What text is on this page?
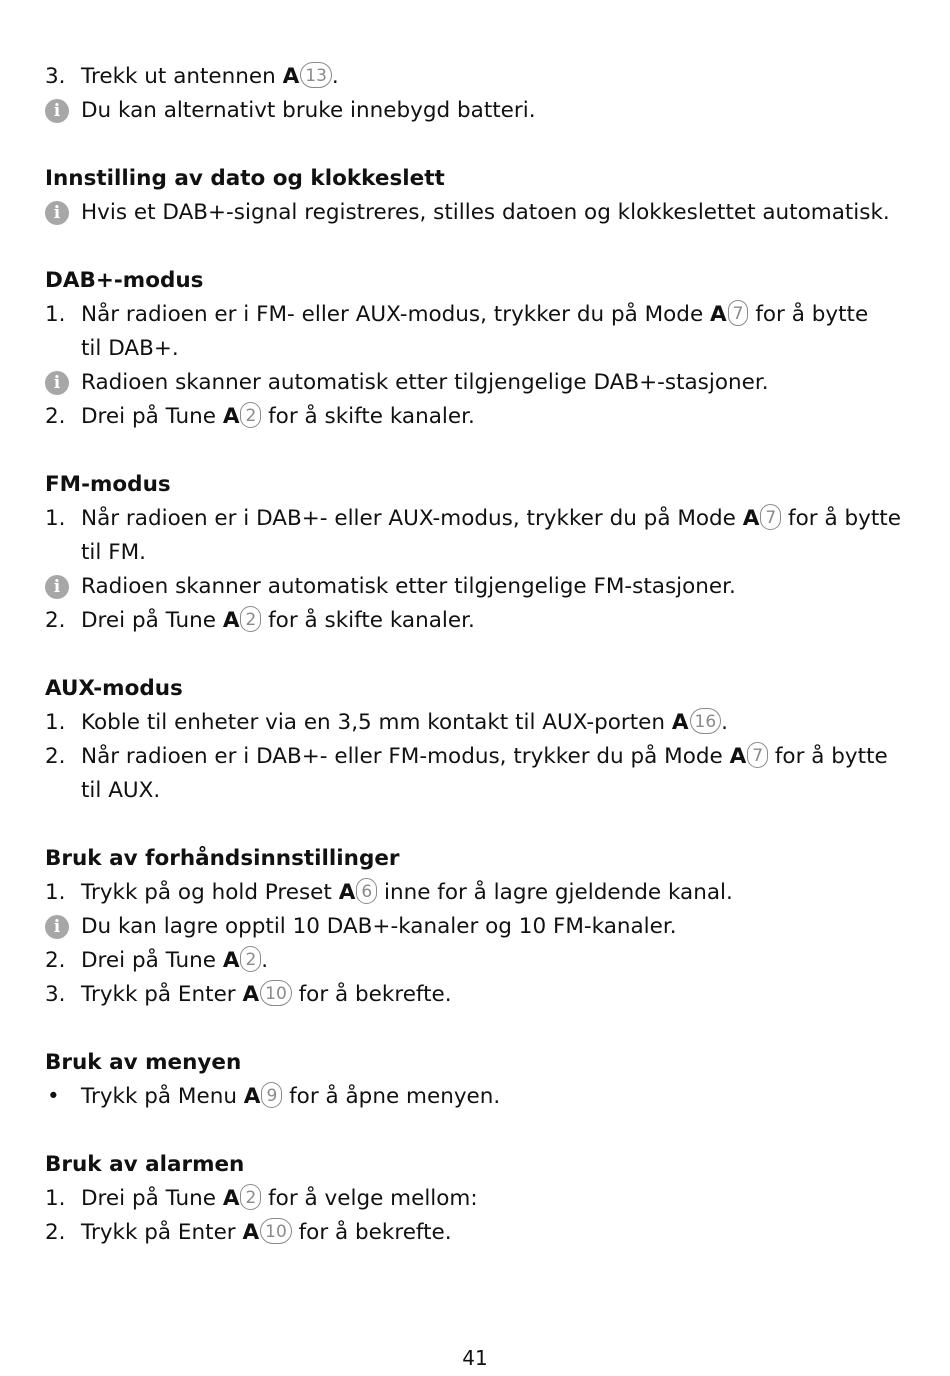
3. Trekk ut antennen A 13 .
i Du kan alternativt bruke innebygd batteri.
Innstilling av dato og klokkeslett
i Hvis et DAB+-signal registreres, stilles datoen og klokkeslettet automatisk.
DAB+-modus
1. Når radioen er i FM- eller AUX-modus, trykker du på Mode A 7 for å bytte
til DAB+.
i Radioen skanner automatisk etter tilgjengelige DAB+-stasjoner.
2. Drei på Tune A 2 for å skifte kanaler.
FM-modus
1. Når radioen er i DAB+- eller AUX-modus, trykker du på Mode A 7 for å bytte
til FM.
i Radioen skanner automatisk etter tilgjengelige FM-stasjoner.
2. Drei på Tune A 2 for å skifte kanaler.
AUX-modus
1. Koble til enheter via en 3,5 mm kontakt til AUX-porten A 16 .
2. Når radioen er i DAB+- eller FM-modus, trykker du på Mode A 7 for å bytte
til AUX.
Bruk av forhåndsinnstillinger
1. Trykk på og hold Preset A 6 inne for å lagre gjeldende kanal.
i Du kan lagre opptil 10 DAB+-kanaler og 10 FM-kanaler.
2. Drei på Tune A 2 .
3. Trykk på Enter A 10 for å bekrefte.
Bruk av menyen
• Trykk på Menu A 9 for å åpne menyen.
Bruk av alarmen
1. Drei på Tune A 2 for å velge mellom:
2. Trykk på Enter A 10 for å bekrefte.
41
